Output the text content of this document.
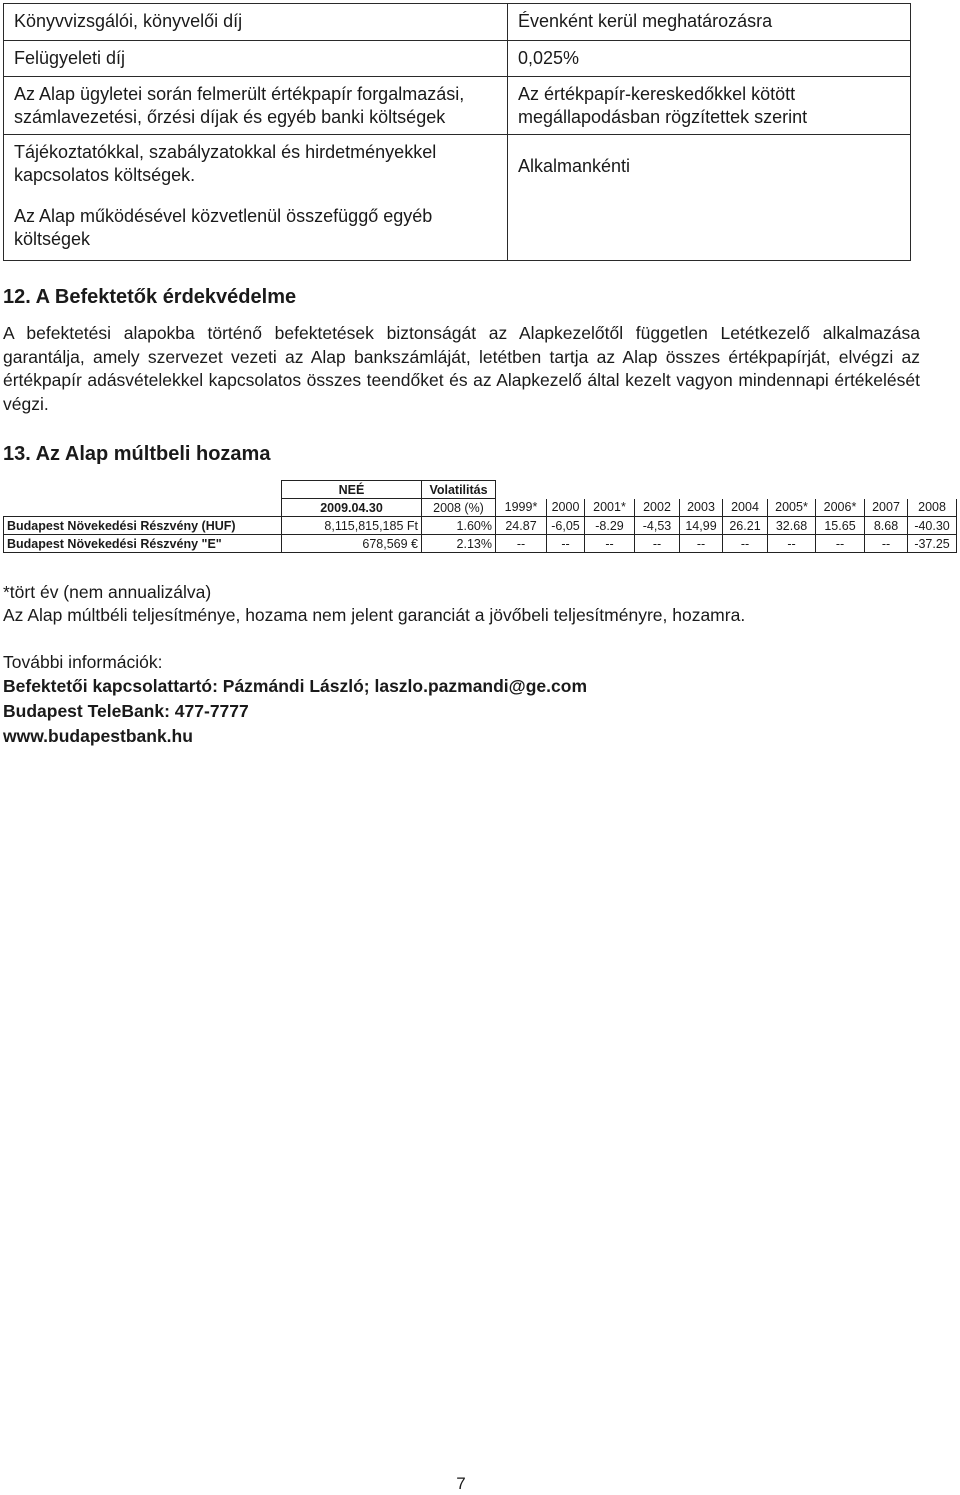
Könyvvizsgálói, könyvelői díj	Évenként kerül meghatározásra
Felügyeleti díj	0,025%
Az Alap ügyletei során felmerült értékpapír forgalmazási, számlavezetési, őrzési díjak és egyéb banki költségek	Az értékpapír-kereskedőkkel kötött megállapodásban rögzítettek szerint
Tájékoztatókkal, szabályzatokkal és hirdetményekkel kapcsolatos költségek.	Alkalmankénti
Az Alap működésével közvetlenül összefüggő egyéb költségek	
12. A Befektetők érdekvédelme

A befektetési alapokba történő befektetések biztonságát az Alapkezelőtől független Letétkezelő alkalmazása garantálja, amely szervezet vezeti az Alap bankszámláját, letétben tartja az Alap összes értékpapírját, elvégzi az értékpapír adásvételekkel kapcsolatos összes teendőket és az Alapkezelő által kezelt vagyon mindennapi értékelését végzi.

13. Az Alap múltbeli hozama
	NEÉ	Volatilitás										
	2009.04.30	2008 (%)	1999*	2000	2001*	2002	2003	2004	2005*	2006*	2007	2008
Budapest Növekedési Részvény (HUF)	8,115,815,185 Ft	1.60%	24.87	-6,05	-8.29	-4,53	14,99	26.21	32.68	15.65	8.68	-40.30
Budapest Növekedési Részvény "E"	678,569 €	2.13%	--	--	--	--	--	--	--	--	--	-37.25

*tört év (nem annualizálva)

Az Alap múltbéli teljesítménye, hozama nem jelent garanciát a jövőbeli teljesítményre, hozamra.

További információk:

Befektetői kapcsolattartó: Pázmándi László; laszlo.pazmandi@ge.com

Budapest TeleBank: 477-7777

www.budapestbank.hu

7
